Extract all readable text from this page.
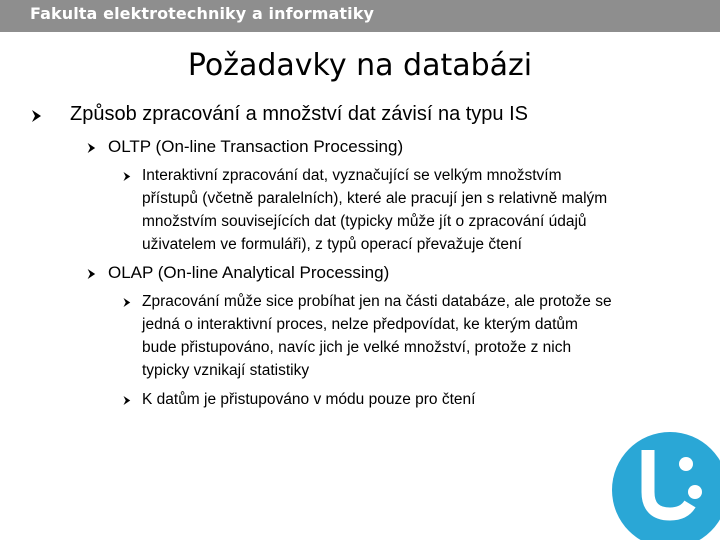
Fakulta elektrotechniky a informatiky
Požadavky na databázi
Způsob zpracování a množství dat závisí na typu IS
OLTP (On-line Transaction Processing)
Interaktivní zpracování dat, vyznačující se velkým množstvím
přístupů (včetně paralelních), které ale pracují jen s relativně malým
množstvím souvisejících dat (typicky může jít o zpracování údajů
uživatelem ve formuláři), z typů operací převažuje čtení
OLAP (On-line Analytical Processing)
Zpracování může sice probíhat jen na části databáze, ale protože se
jedná o interaktivní proces, nelze předpovídat, ke kterým datům
bude přistupováno, navíc jich je velké množství, protože z nich
typicky vznikají statistiky
K datům je přistupováno v módu pouze pro čtení
